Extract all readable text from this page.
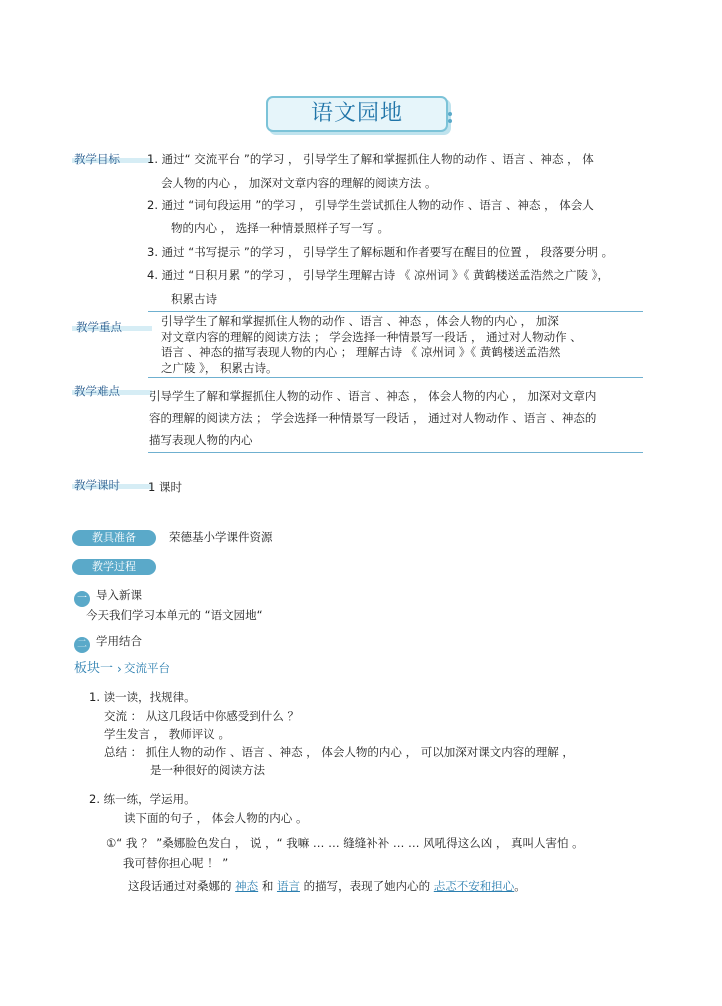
语文园地
教学目标 1. 通过“ 交流平台 ”的学习 ， 引导学生了解和掌握抓住人物的动作 、语言 、神态 ， 体
会人物的内心 ， 加深对文章内容的理解的阅读方法 。
2. 通过 “词句段运用 ”的学习 ， 引导学生尝试抓住人物的动作 、语言 、神态 ， 体会人
物的内心 ， 选择一种情景照样子写一写 。
3. 通过 “书写提示 ”的学习 ， 引导学生了解标题和作者要写在醒目的位置 ， 段落要分明 。
4. 通过 “日积月累 ”的学习 ， 引导学生理解古诗 《 凉州词 》《 黄鹤楼送孟浩然之广陵 》，
积累古诗
教学重点	引导学生了解和掌握抓住人物的动作 、语言 、神态 ，体会人物的内心 ， 加深
对文章内容的理解的阅读方法 ； 学会选择一种情景写一段话 ， 通过对人物动作 、
语言 、神态的描写表现人物的内心 ； 理解古诗 《 凉州词 》《 黄鹤楼送孟浩然
之广陵 》， 积累古诗。
教学难点	引导学生了解和掌握抓住人物的动作 、语言 、神态 ， 体会人物的内心 ， 加深对文章内
容的理解的阅读方法 ； 学会选择一种情景写一段话 ， 通过对人物动作 、语言 、神态的
描写表现人物的内心
教学课时 1 课时
教具准备	荣德基小学课件资源
教学过程
一 导入新课
今天我们学习本单元的 “语文园地“
二 学用结合
板块一 › 交流平台
1. 读一读，找规律。
交流 ： 从这几段话中你感受到什么 ？
学生发言 ， 教师评议 。
总结 ： 抓住人物的动作 、语言 、神态 ， 体会人物的内心 ， 可以加深对课文内容的理解 ，
是一种很好的阅读方法
2. 练一练，学运用。
读下面的句子 ， 体会人物的内心 。
①“ 我 ？ ”桑娜脸色发白 ， 说 ，“ 我嘛 … … 缝缝补补 … … 风吼得这么凶 ， 真叫人害怕 。
我可替你担心呢 ！ ”
这段话通过对桑娜的 神态 和 语言 的描写，表现了她内心的 忐忑不安和担心。
